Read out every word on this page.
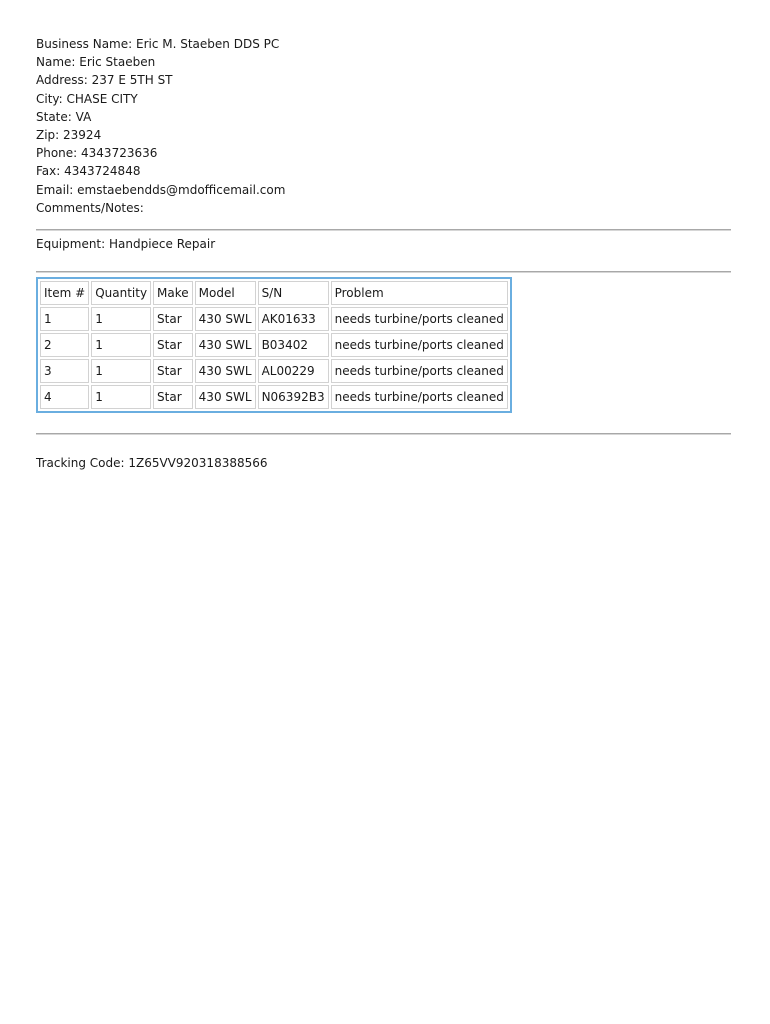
Business Name: Eric M. Staeben DDS PC
Name: Eric Staeben
Address: 237 E 5TH ST
City: CHASE CITY
State: VA
Zip: 23924
Phone: 4343723636
Fax: 4343724848
Email: emstaebendds@mdofficemail.com
Comments/Notes:
Equipment: Handpiece Repair
Item #	Quantity	Make	Model	S/N	Problem
1	1	Star	430 SWL	AK01633	needs turbine/ports cleaned
2	1	Star	430 SWL	B03402	needs turbine/ports cleaned
3	1	Star	430 SWL	AL00229	needs turbine/ports cleaned
4	1	Star	430 SWL	N06392B3	needs turbine/ports cleaned
Tracking Code: 1Z65VV920318388566
